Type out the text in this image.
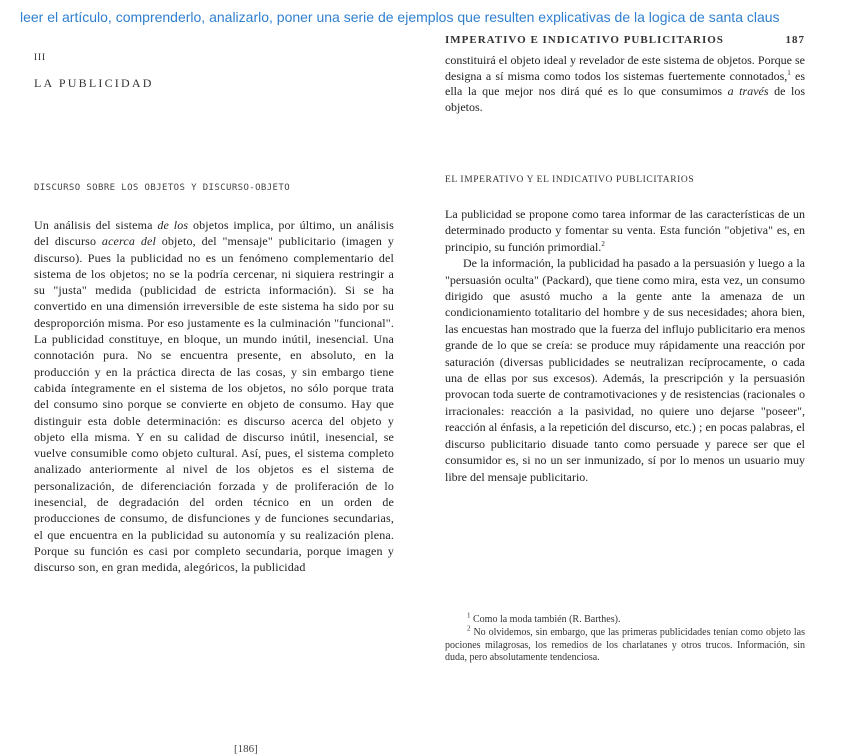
leer el artículo, comprenderlo, analizarlo, poner una serie de ejemplos que resulten explicativas de la logica de santa claus
III
LA PUBLICIDAD
DISCURSO SOBRE LOS OBJETOS Y DISCURSO-OBJETO
Un análisis del sistema de los objetos implica, por último, un análisis del discurso acerca del objeto, del "mensaje" publicitario (imagen y discurso). Pues la publicidad no es un fenómeno complementario del sistema de los objetos; no se la podría cercenar, ni siquiera restringir a su "justa" medida (publicidad de estricta información). Si se ha convertido en una dimensión irreversible de este sistema ha sido por su desproporción misma. Por eso justamente es la culminación "funcional". La publicidad constituye, en bloque, un mundo inútil, inesencial. Una connotación pura. No se encuentra presente, en absoluto, en la producción y en la práctica directa de las cosas, y sin embargo tiene cabida íntegramente en el sistema de los objetos, no sólo porque trata del consumo sino porque se convierte en objeto de consumo. Hay que distinguir esta doble determinación: es discurso acerca del objeto y objeto ella misma. Y en su calidad de discurso inútil, inesencial, se vuelve consumible como objeto cultural. Así, pues, el sistema completo analizado anteriormente al nivel de los objetos es el sistema de personalización, de diferenciación forzada y de proliferación de lo inesencial, de degradación del orden técnico en un orden de producciones de consumo, de disfunciones y de funciones secundarias, el que encuentra en la publicidad su autonomía y su realización plena. Porque su función es casi por completo secundaria, porque imagen y discurso son, en gran medida, alegóricos, la publicidad
[186]
IMPERATIVO E INDICATIVO PUBLICITARIOS	187
constituirá el objeto ideal y revelador de este sistema de objetos. Porque se designa a sí misma como todos los sistemas fuertemente connotados,$^1$ es ella la que mejor nos dirá qué es lo que consumimos a través de los objetos.
EL IMPERATIVO Y EL INDICATIVO PUBLICITARIOS

La publicidad se propone como tarea informar de las características de un determinado producto y fomentar su venta. Esta función "objetiva" es, en principio, su función primordial.$^2$

De la información, la publicidad ha pasado a la persuasión y luego a la "persuasión oculta" (Packard), que tiene como mira, esta vez, un consumo dirigido que asustó mucho a la gente ante la amenaza de un condicionamiento totalitario del hombre y de sus necesidades; ahora bien, las encuestas han mostrado que la fuerza del influjo publicitario era menos grande de lo que se creía: se produce muy rápidamente una reacción por saturación (diversas publicidades se neutralizan recíprocamente, o cada una de ellas por sus excesos). Además, la prescripción y la persuasión provocan toda suerte de contramotivaciones y de resistencias (racionales o irracionales: reacción a la pasividad, no quiere uno dejarse "poseer", reacción al énfasis, a la repetición del discurso, etc.) ; en pocas palabras, el discurso publicitario disuade tanto como persuade y parece ser que el consumidor es, si no un ser inmunizado, sí por lo menos un usuario muy libre del mensaje publicitario.

$^1$ Como la moda también (R. Barthes).

$^2$ No olvidemos, sin embargo, que las primeras publicidades tenían como objeto las pociones milagrosas, los remedios de los charlatanes y otros trucos. Información, sin duda, pero absolutamente tendenciosa.
